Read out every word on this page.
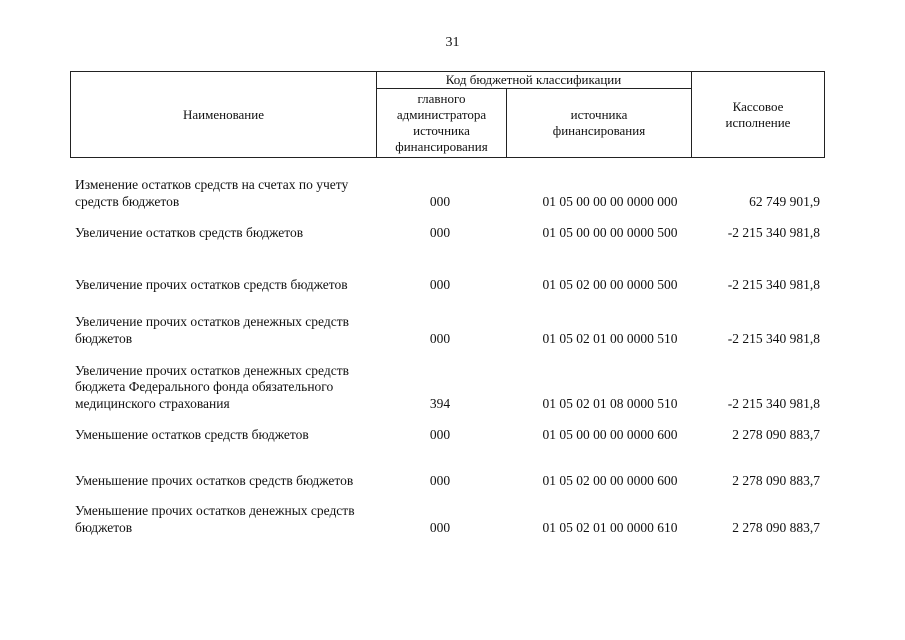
31
Наименование
Код бюджетной классификации
главного администратора источника финансирования
источника финансирования
Кассовое исполнение
Изменение остатков средств на счетах по учету средств бюджетов	000	01 05 00 00 00 0000 000	62 749 901,9
Увеличение остатков средств бюджетов	000	01 05 00 00 00 0000 500	-2 215 340 981,8
Увеличение прочих остатков средств бюджетов	000	01 05 02 00 00 0000 500	-2 215 340 981,8
Увеличение прочих остатков денежных средств бюджетов	000	01 05 02 01 00 0000 510	-2 215 340 981,8
Увеличение прочих остатков денежных средств бюджета Федерального фонда обязательного медицинского страхования	394	01 05 02 01 08 0000 510	-2 215 340 981,8
Уменьшение остатков средств бюджетов	000	01 05 00 00 00 0000 600	2 278 090 883,7
Уменьшение прочих остатков средств бюджетов	000	01 05 02 00 00 0000 600	2 278 090 883,7
Уменьшение прочих остатков денежных средств бюджетов	000	01 05 02 01 00 0000 610	2 278 090 883,7
